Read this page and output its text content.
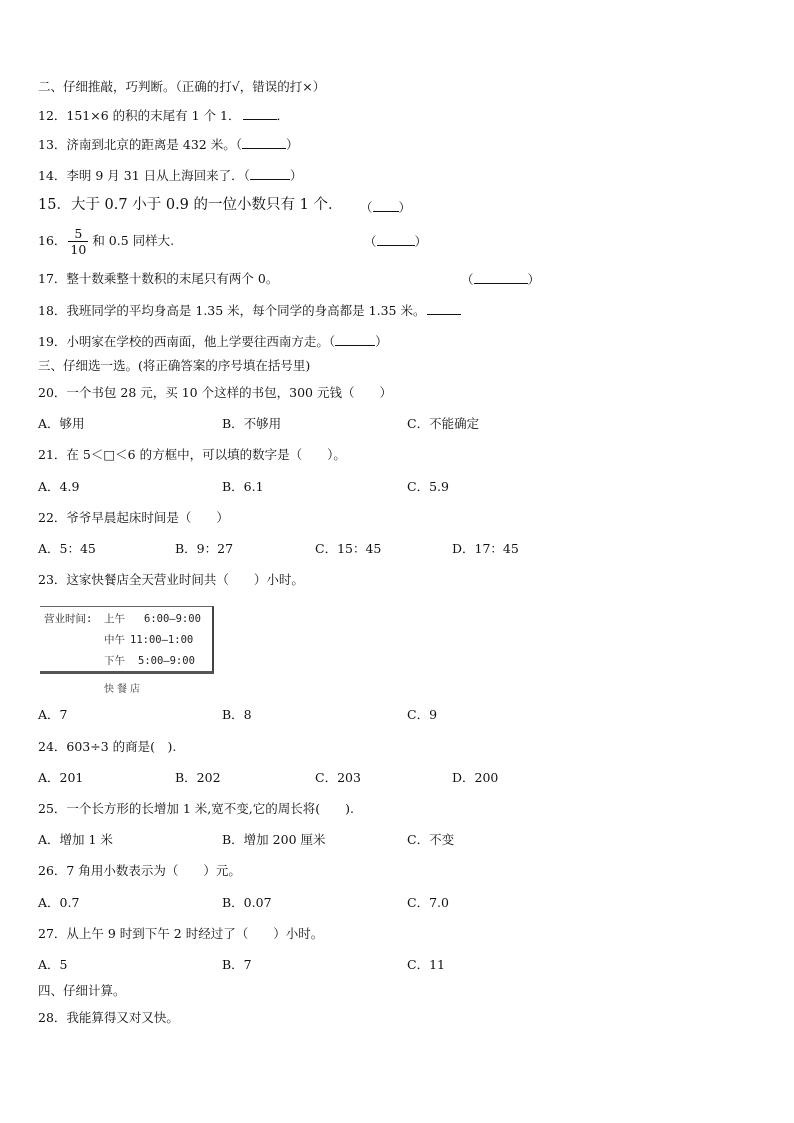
二、仔细推敲，巧判断。（正确的打√，错误的打×）
12．151×6 的积的末尾有 1 个 1．	．
13．济南到北京的距离是 432 米。（	）
14．李明 9 月 31 日从上海回来了．（	）
15．大于 0.7 小于 0.9 的一位小数只有 1 个． （ ）
16． $\frac{5}{10}$ 和 0.5 同样大.	（	）
17．整十数乘整十数积的末尾只有两个 0。	（	）
18．我班同学的平均身高是 1.35 米，每个同学的身高都是 1.35 米。
19．小明家在学校的西南面，他上学要往西南方走。（	）
三、仔细选一选。(将正确答案的序号填在括号里)
20．一个书包 28 元，买 10 个这样的书包，300 元钱（　　）
A．够用	B．不够用	C．不能确定
21．在 5＜□＜6 的方框中，可以填的数字是（　　）。
A．4.9	B．6.1	C．5.9
22．爷爷早晨起床时间是（　　）
A．5：45	B．9：27	C．15：45	D．17：45
23．这家快餐店全天营业时间共（　　）小时。
营业时间: 上午 6:00—9:00
中午 11:00—1:00
下午 5:00—9:00
快餐店
A．7	B．8	C．9
24．603÷3 的商是(　).
A．201	B．202	C．203	D．200
25．一个长方形的长增加 1 米,宽不变,它的周长将(　　).
A．增加 1 米	B．增加 200 厘米	C．不变
26．7 角用小数表示为（　　）元。
A．0.7	B．0.07	C．7.0
27．从上午 9 时到下午 2 时经过了（　　）小时。
A．5	B．7	C．11
四、仔细计算。
28．我能算得又对又快。
